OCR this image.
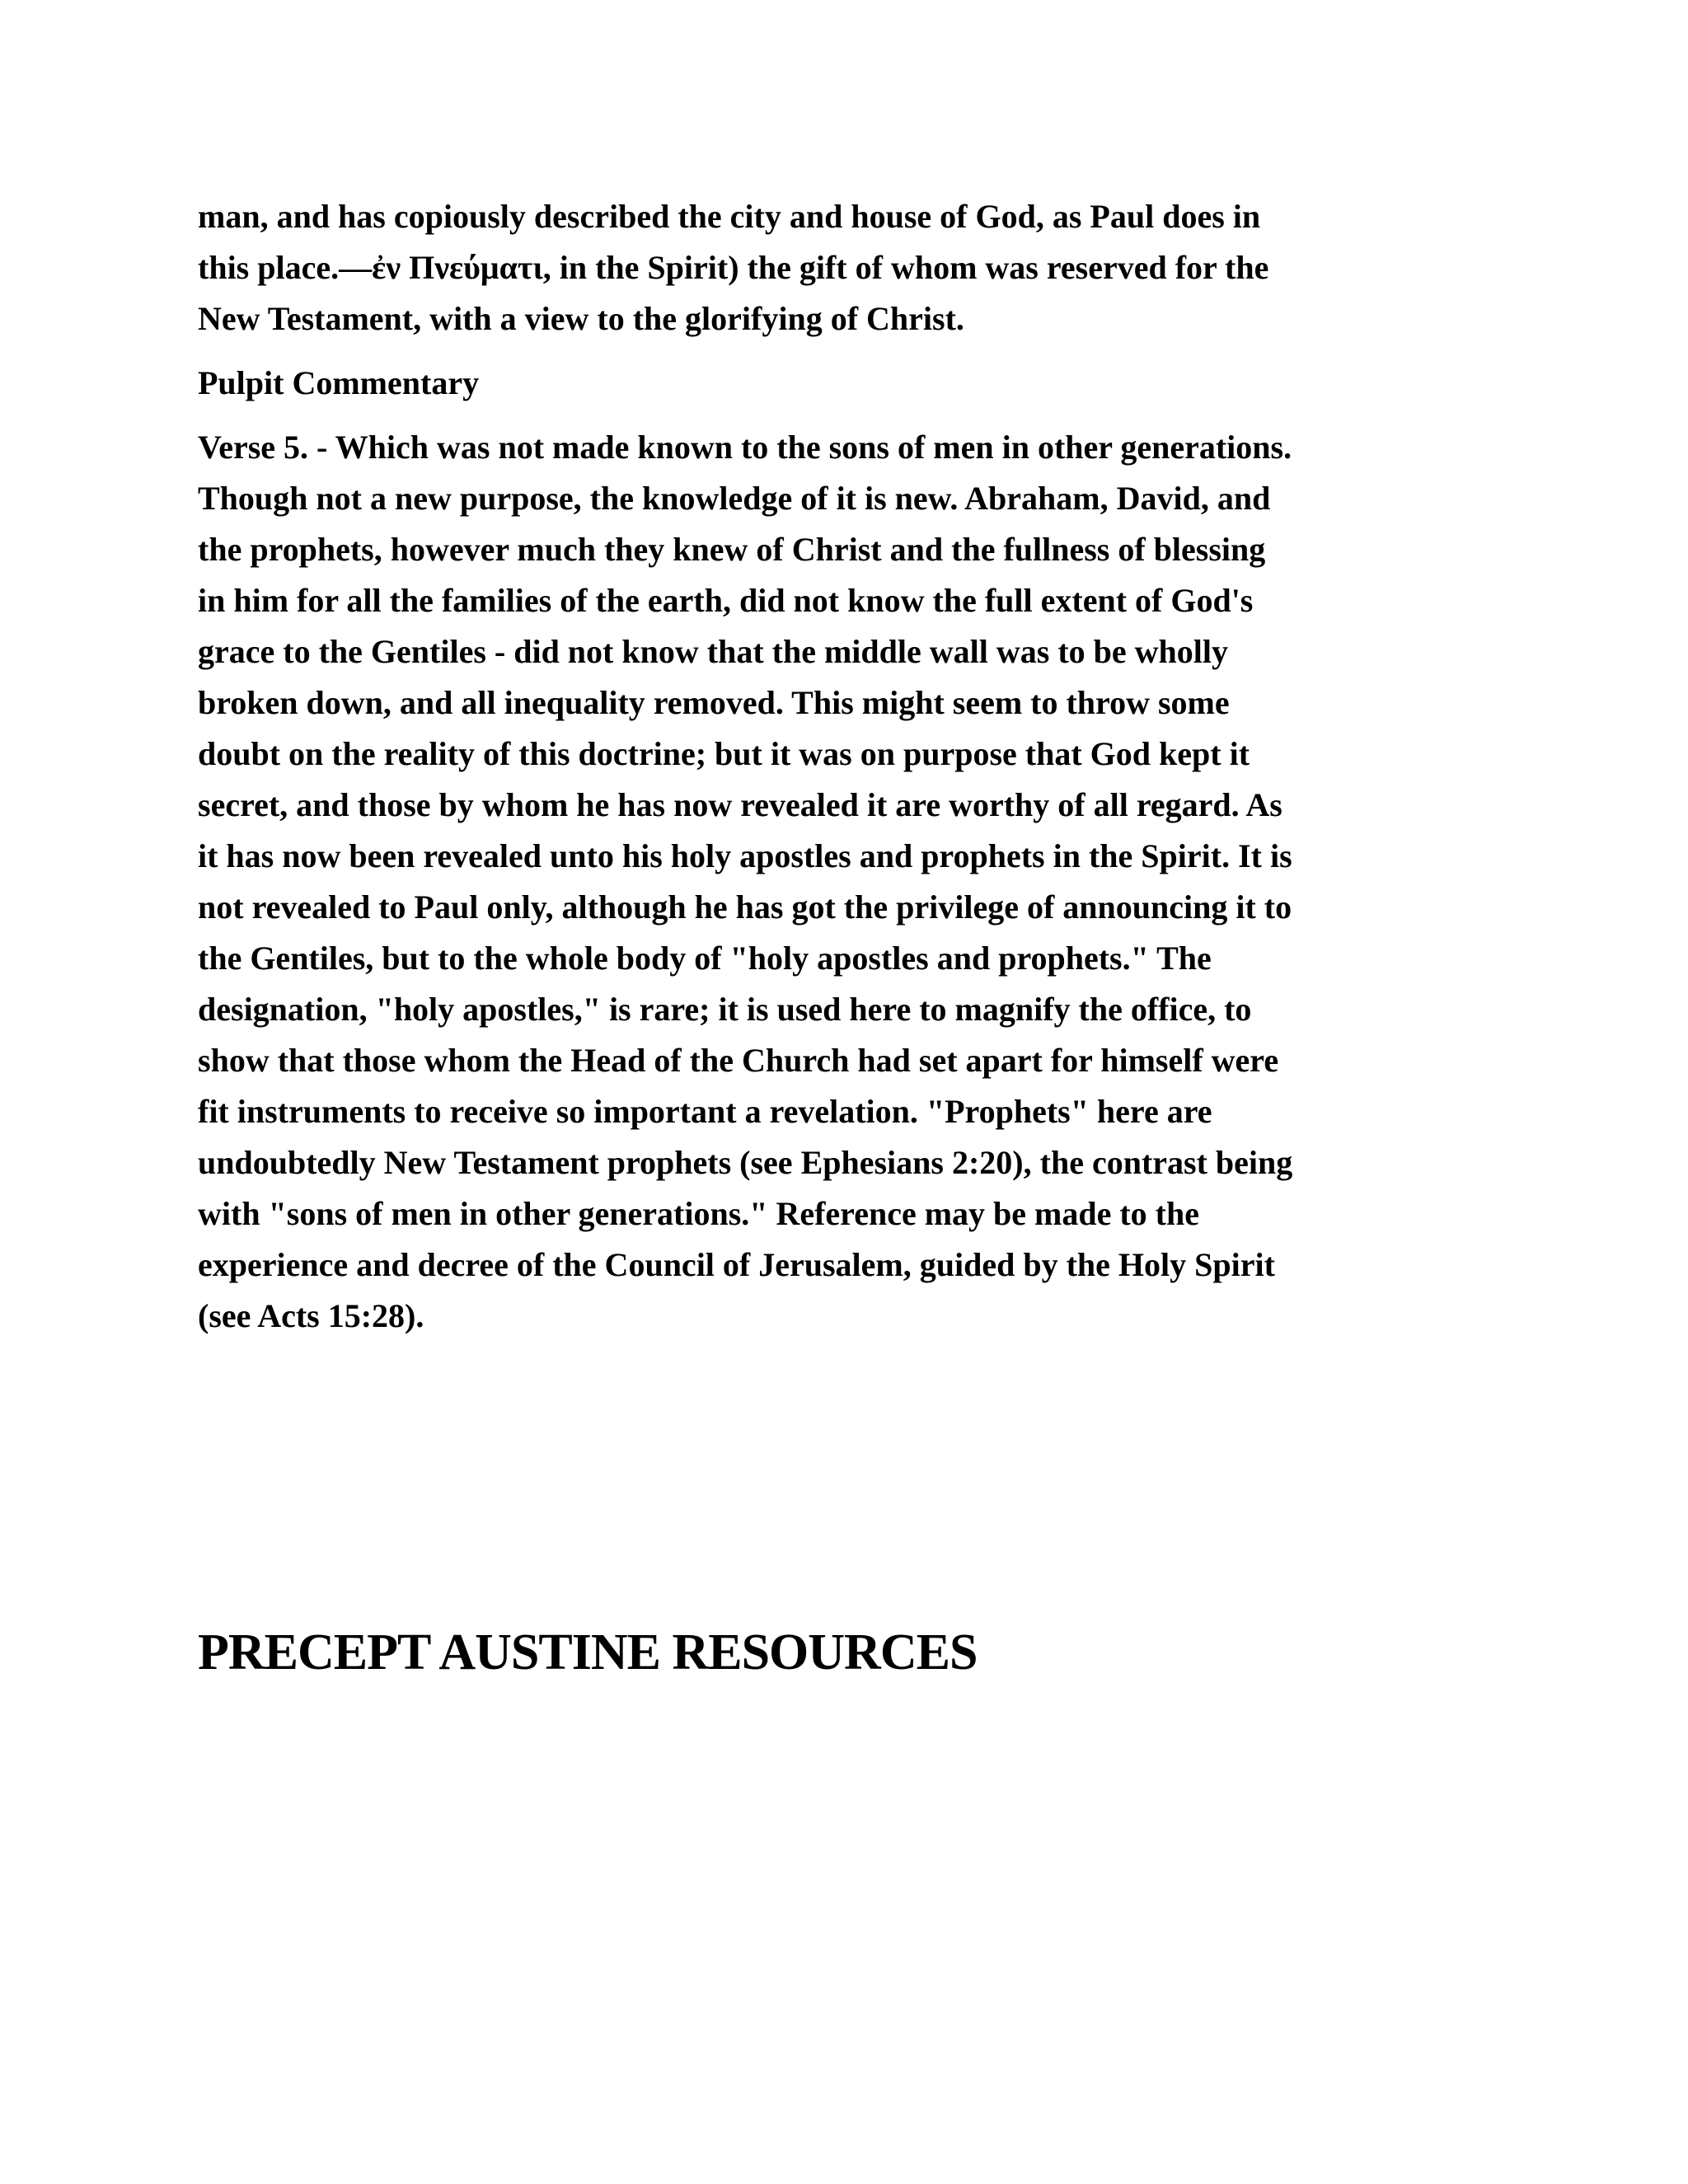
man, and has copiously described the city and house of God, as Paul does in
this place.—ἐν Πνεύματι, in the Spirit) the gift of whom was reserved for the
New Testament, with a view to the glorifying of Christ.
Pulpit Commentary
Verse 5. - Which was not made known to the sons of men in other generations.
Though not a new purpose, the knowledge of it is new. Abraham, David, and
the prophets, however much they knew of Christ and the fullness of blessing
in him for all the families of the earth, did not know the full extent of God's
grace to the Gentiles - did not know that the middle wall was to be wholly
broken down, and all inequality removed. This might seem to throw some
doubt on the reality of this doctrine; but it was on purpose that God kept it
secret, and those by whom he has now revealed it are worthy of all regard. As
it has now been revealed unto his holy apostles and prophets in the Spirit. It is
not revealed to Paul only, although he has got the privilege of announcing it to
the Gentiles, but to the whole body of "holy apostles and prophets." The
designation, "holy apostles," is rare; it is used here to magnify the office, to
show that those whom the Head of the Church had set apart for himself were
fit instruments to receive so important a revelation. "Prophets" here are
undoubtedly New Testament prophets (see Ephesians 2:20), the contrast being
with "sons of men in other generations." Reference may be made to the
experience and decree of the Council of Jerusalem, guided by the Holy Spirit
(see Acts 15:28).
PRECEPT AUSTINE RESOURCES
